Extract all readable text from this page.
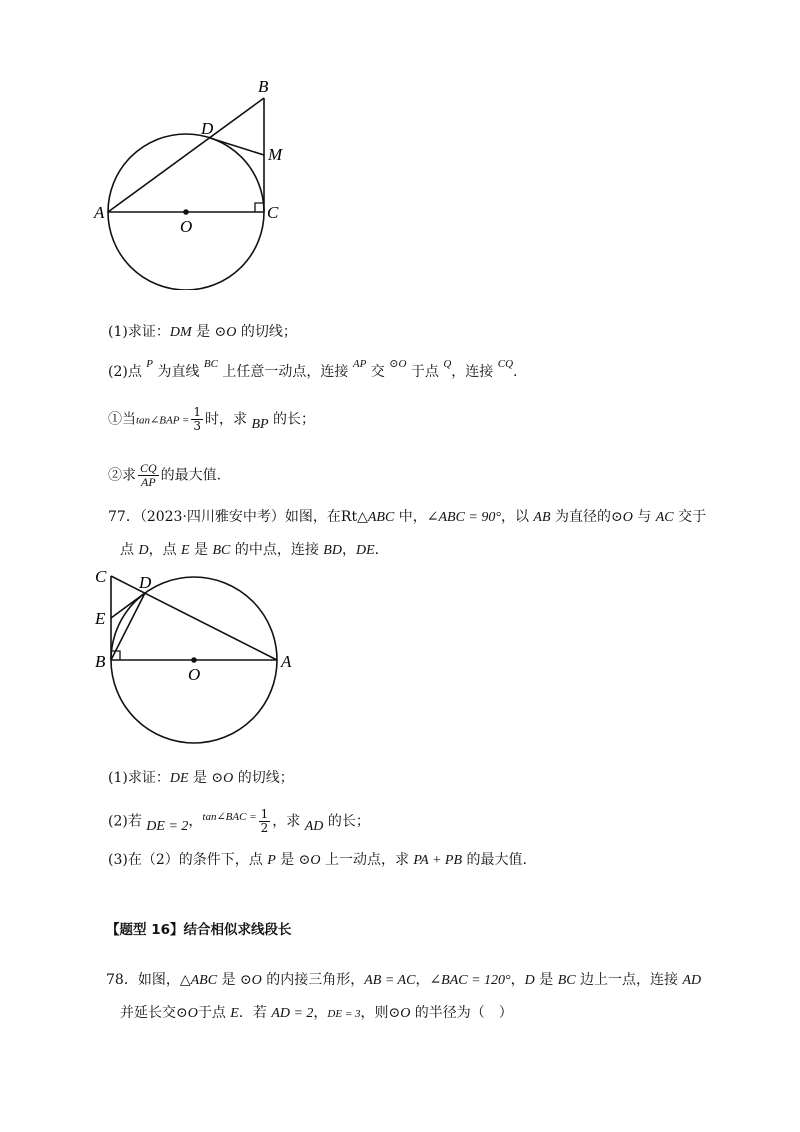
B
D
M
A	C
O
(1)求证：DM 是 ⊙O 的切线；
(2)点 $^P$ 为直线 $^{BC}$ 上任意一动点，连接 $^{AP}$ 交 $^{⊙O}$ 于点 $^Q$，连接 $^{CQ}$.
①当tan∠BAP = $\frac{1}{3}$ 时，求 BP 的长；
②求 $\frac{CQ}{AP}$ 的最大值.
77．（2023·四川雅安中考）如图，在Rt△ABC 中，∠ABC = 90°，以 AB 为直径的⊙O 与 AC 交于
点 D，点 E 是 BC 的中点，连接 BD，DE.
C D
E
B	A
O
(1)求证：DE 是 ⊙O 的切线；
(2)若 DE = 2，$^{tan\angle BAC =} \frac{1}{2}$ ，求 AD 的长；
(3)在（2）的条件下，点 P 是 ⊙O 上一动点，求 PA + PB 的最大值.
【题型 16】结合相似求线段长
78．如图，△ABC 是 ⊙O 的内接三角形，AB = AC，∠BAC = 120°，D 是 BC 边上一点，连接 AD
并延长交⊙O于点 E．若 AD = 2，DE = 3，则⊙O 的半径为（　）
